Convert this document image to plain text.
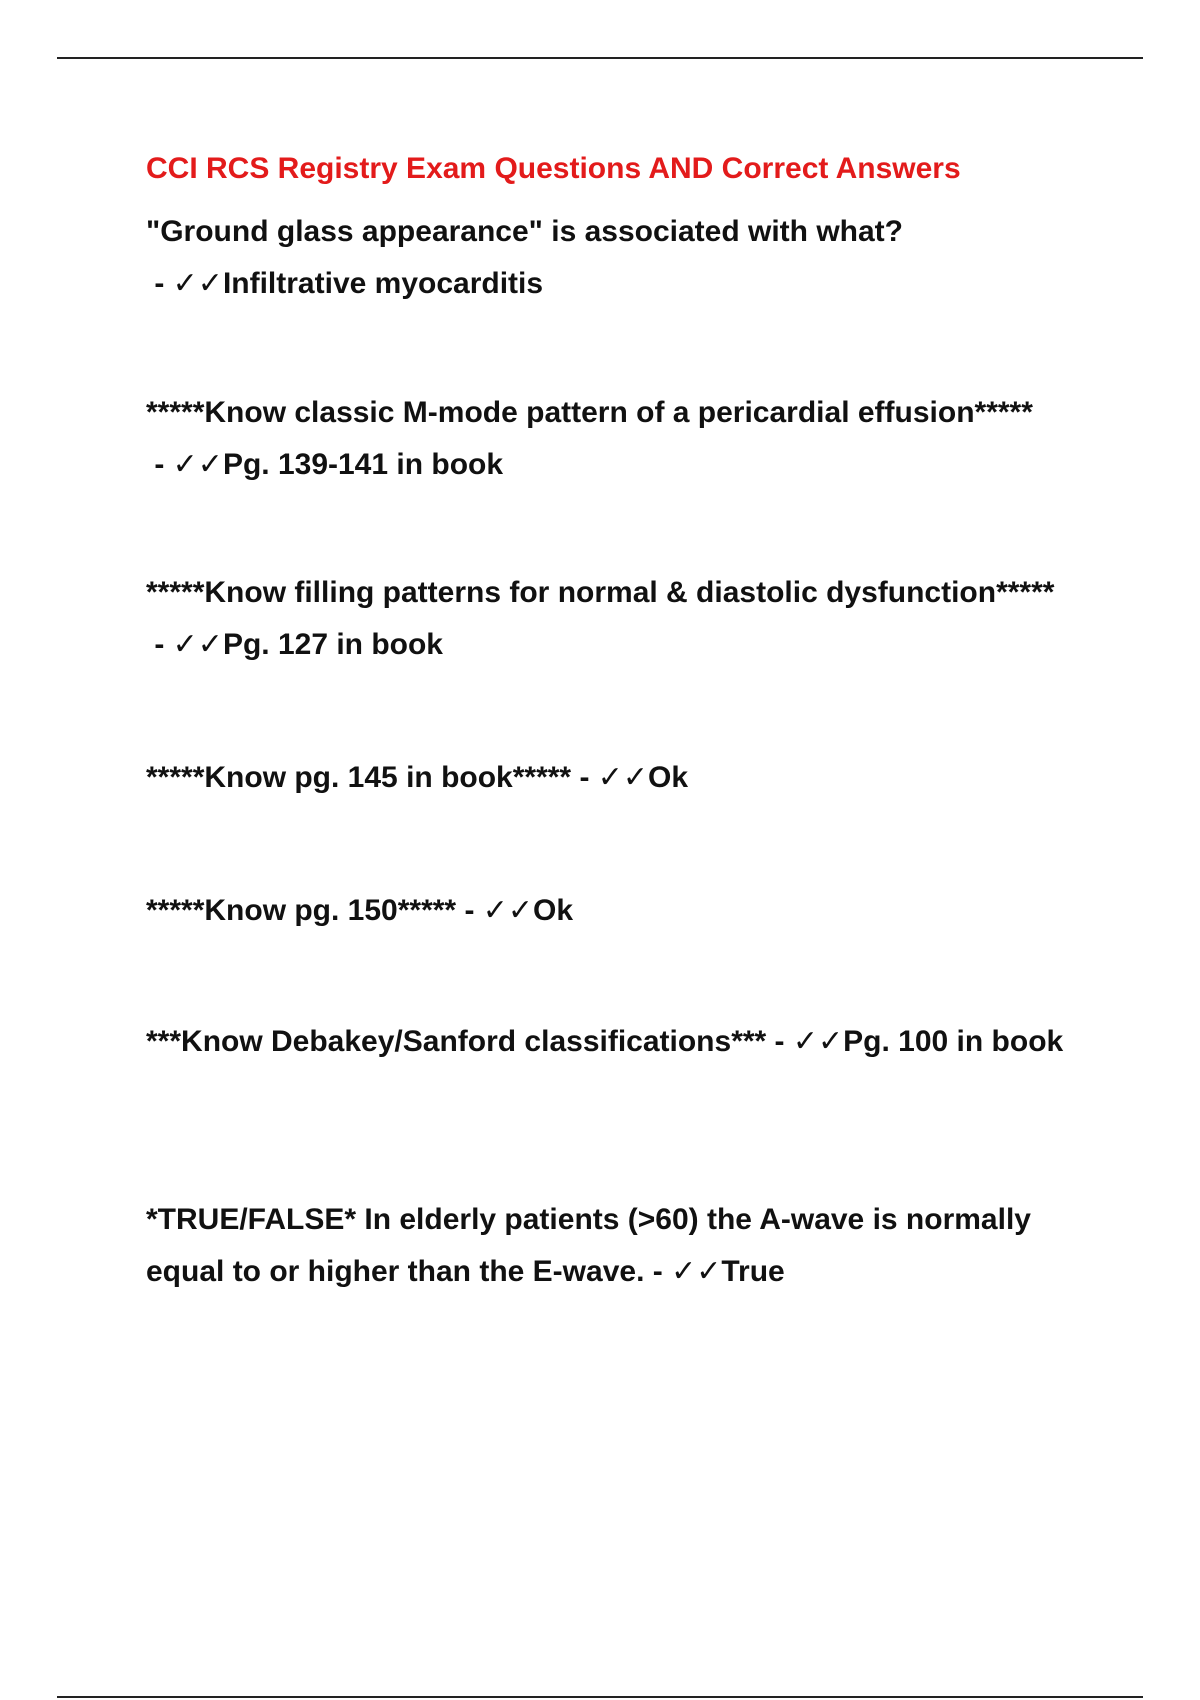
CCI RCS Registry Exam Questions AND Correct Answers

"Ground glass appearance" is associated with what? - ✓✓Infiltrative myocarditis

*****Know classic M-mode pattern of a pericardial effusion***** - ✓✓Pg. 139-141 in book

*****Know filling patterns for normal & diastolic dysfunction***** - ✓✓Pg. 127 in book

*****Know pg. 145 in book***** - ✓✓Ok

*****Know pg. 150***** - ✓✓Ok

***Know Debakey/Sanford classifications*** - ✓✓Pg. 100 in book

*TRUE/FALSE* In elderly patients (>60) the A-wave is normally equal to or higher than the E-wave. - ✓✓True
